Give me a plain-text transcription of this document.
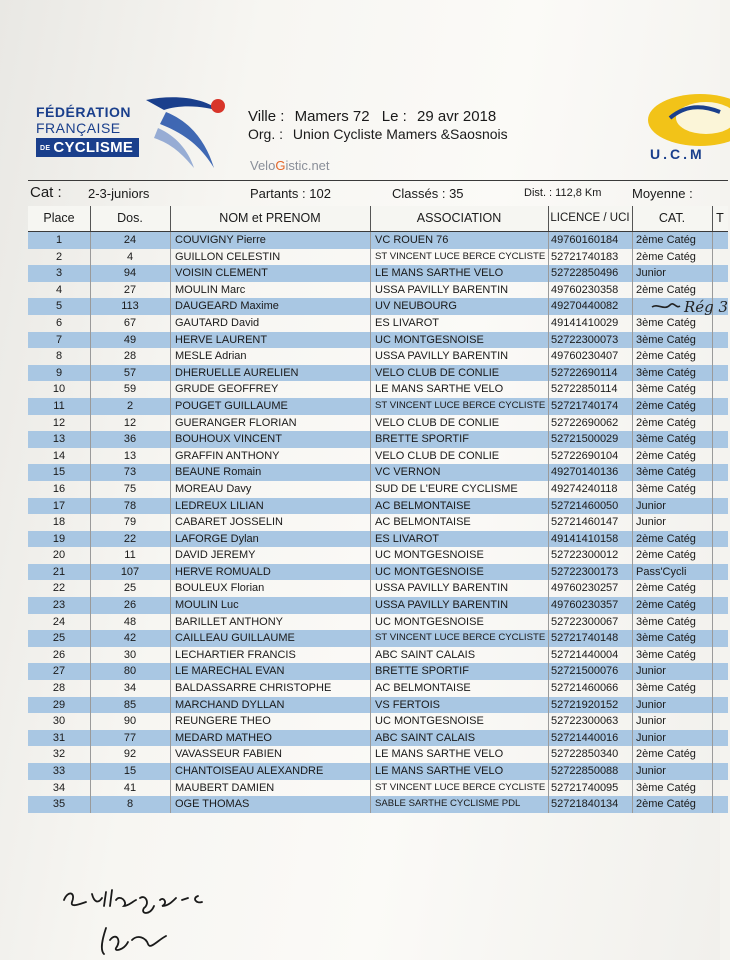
FÉDÉRATION
FRANÇAISE
DE CYCLISME
VeloGistic.net
Ville : Mamers 72 Le : 29 avr 2018
Org. : Union Cycliste Mamers &Saosnois
U.C.M
Cat : 2-3-juniors	Partants : 102	Classés : 35	Dist. : 112,8 Km Moyenne :
Place	Dos.	NOM et PRENOM	ASSOCIATION	LICENCE / UCI	CAT.	T
1	24	COUVIGNY Pierre	VC ROUEN 76	49760160184	2ème Catég
2	4	GUILLON CELESTIN	ST VINCENT LUCE BERCE CYCLISTE 52721740183	2ème Catég
3	94	VOISIN CLEMENT	LE MANS SARTHE VELO	52722850496	Junior
4	27	MOULIN Marc	USSA PAVILLY BARENTIN	49760230358	2ème Catég
5	113	DAUGEARD Maxime	UV NEUBOURG	49270440082
6	67	GAUTARD David	ES LIVAROT	49141410029	3ème Catég
7	49	HERVE LAURENT	UC MONTGESNOISE	52722300073	3ème Catég
8	28	MESLE Adrian	USSA PAVILLY BARENTIN	49760230407	2ème Catég
9	57	DHERUELLE AURELIEN	VELO CLUB DE CONLIE	52722690114	3ème Catég
10	59	GRUDE GEOFFREY	LE MANS SARTHE VELO	52722850114	3ème Catég
11	2	POUGET GUILLAUME	ST VINCENT LUCE BERCE CYCLISTE 52721740174	2ème Catég
12	12	GUERANGER FLORIAN	VELO CLUB DE CONLIE	52722690062	2ème Catég
13	36	BOUHOUX VINCENT	BRETTE SPORTIF	52721500029	3ème Catég
14	13	GRAFFIN ANTHONY	VELO CLUB DE CONLIE	52722690104	2ème Catég
15	73	BEAUNE Romain	VC VERNON	49270140136	3ème Catég
16	75	MOREAU Davy	SUD DE L'EURE CYCLISME	49274240118	3ème Catég
17	78	LEDREUX LILIAN	AC BELMONTAISE	52721460050	Junior
18	79	CABARET JOSSELIN	AC BELMONTAISE	52721460147	Junior
19	22	LAFORGE Dylan	ES LIVAROT	49141410158	2ème Catég
20	11	DAVID JEREMY	UC MONTGESNOISE	52722300012	2ème Catég
21	107	HERVE ROMUALD	UC MONTGESNOISE	52722300173	Pass'Cycli
22	25	BOULEUX Florian	USSA PAVILLY BARENTIN	49760230257	2ème Catég
23	26	MOULIN Luc	USSA PAVILLY BARENTIN	49760230357	2ème Catég
24	48	BARILLET ANTHONY	UC MONTGESNOISE	52722300067	3ème Catég
25	42	CAILLEAU GUILLAUME	ST VINCENT LUCE BERCE CYCLISTE 52721740148	3ème Catég
26	30	LECHARTIER FRANCIS	ABC SAINT CALAIS	52721440004	3ème Catég
27	80	LE MARECHAL EVAN	BRETTE SPORTIF	52721500076	Junior
28	34	BALDASSARRE CHRISTOPHE	AC BELMONTAISE	52721460066	3ème Catég
29	85	MARCHAND DYLLAN	VS FERTOIS	52721920152	Junior
30	90	REUNGERE THEO	UC MONTGESNOISE	52722300063	Junior
31	77	MEDARD MATHEO	ABC SAINT CALAIS	52721440016	Junior
32	92	VAVASSEUR FABIEN	LE MANS SARTHE VELO	52722850340	2ème Catég
33	15	CHANTOISEAU ALEXANDRE	LE MANS SARTHE VELO	52722850088	Junior
34	41	MAUBERT DAMIEN	ST VINCENT LUCE BERCE CYCLISTE 52721740095	3ème Catég
35	8	OGE THOMAS	SABLE SARTHE CYCLISME PDL	52721840134	2ème Catég
Rég 3
